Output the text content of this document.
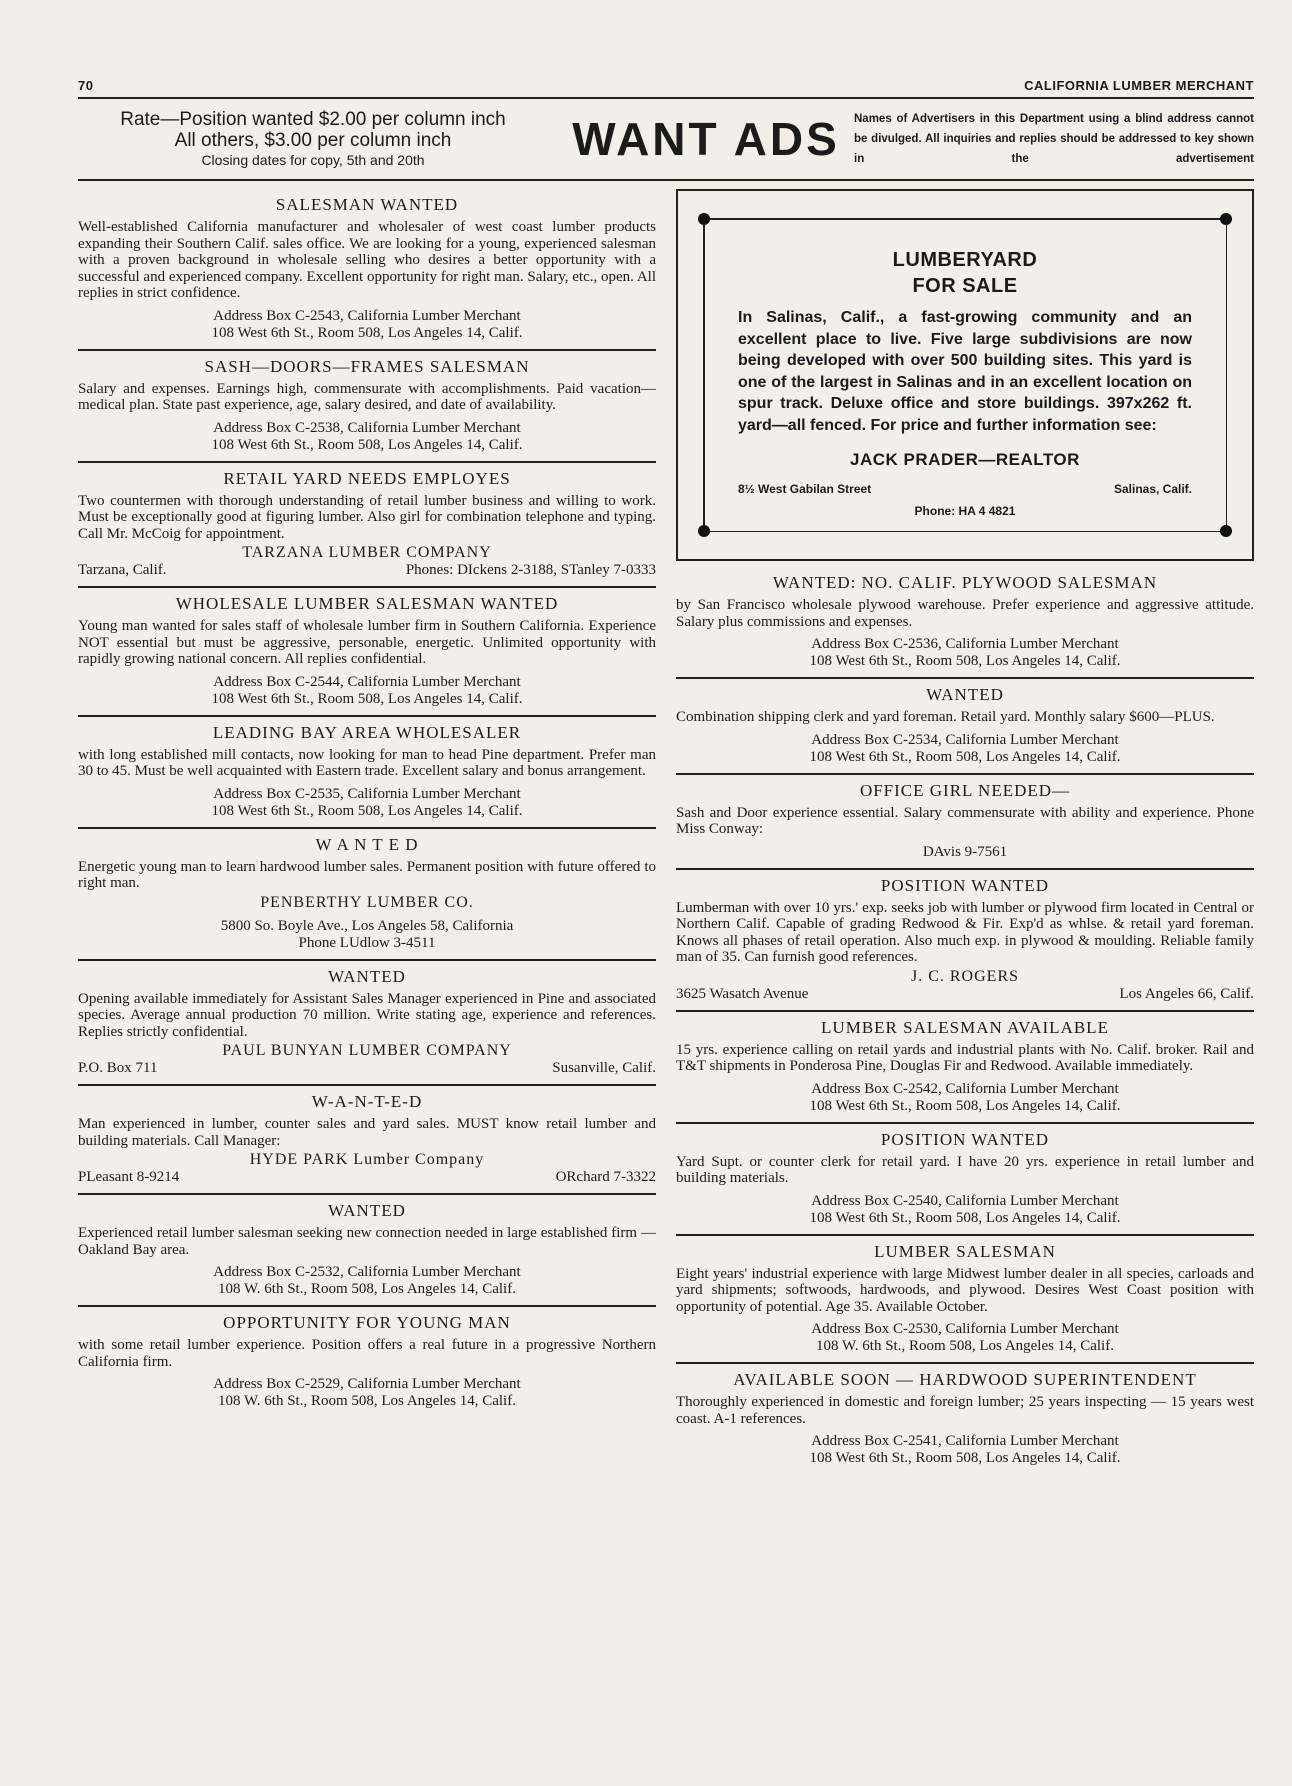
70	CALIFORNIA LUMBER MERCHANT
Rate—Position wanted $2.00 per column inch
All others, $3.00 per column inch
Closing dates for copy, 5th and 20th	WANT ADS Names of Advertisers in this Department using a blind address cannot be divulged. All inquiries and replies should be addressed to key shown in the advertisement
SALESMAN WANTED
Well-established California manufacturer and wholesaler of west coast lumber products expanding their Southern Calif. sales office. We are looking for a young, experienced salesman with a proven background in wholesale selling who desires a better opportunity with a successful and experienced company. Excellent opportunity for right man. Salary, etc., open. All replies in strict confidence.
Address Box C-2543, California Lumber Merchant
108 West 6th St., Room 508, Los Angeles 14, Calif.
SASH—DOORS—FRAMES SALESMAN
Salary and expenses. Earnings high, commensurate with accomplishments. Paid vacation—medical plan. State past experience, age, salary desired, and date of availability.
Address Box C-2538, California Lumber Merchant
108 West 6th St., Room 508, Los Angeles 14, Calif.
RETAIL YARD NEEDS EMPLOYES
Two countermen with thorough understanding of retail lumber business and willing to work. Must be exceptionally good at figuring lumber. Also girl for combination telephone and typing. Call Mr. McCoig for appointment.
TARZANA LUMBER COMPANY
Tarzana, Calif.	Phones: DIckens 2-3188, STanley 7-0333
WHOLESALE LUMBER SALESMAN WANTED
Young man wanted for sales staff of wholesale lumber firm in Southern California. Experience NOT essential but must be aggressive, personable, energetic. Unlimited opportunity with rapidly growing national concern. All replies confidential.
Address Box C-2544, California Lumber Merchant
108 West 6th St., Room 508, Los Angeles 14, Calif.
LEADING BAY AREA WHOLESALER
with long established mill contacts, now looking for man to head Pine department. Prefer man 30 to 45. Must be well acquainted with Eastern trade. Excellent salary and bonus arrangement.
Address Box C-2535, California Lumber Merchant
108 West 6th St., Room 508, Los Angeles 14, Calif.
W A N T E D
Energetic young man to learn hardwood lumber sales. Permanent position with future offered to right man.
PENBERTHY LUMBER CO.
5800 So. Boyle Ave., Los Angeles 58, California
Phone LUdlow 3-4511
WANTED
Opening available immediately for Assistant Sales Manager experienced in Pine and associated species. Average annual production 70 million. Write stating age, experience and references. Replies strictly confidential.
PAUL BUNYAN LUMBER COMPANY
P.O. Box 711	Susanville, Calif.
W-A-N-T-E-D
Man experienced in lumber, counter sales and yard sales. MUST know retail lumber and building materials. Call Manager:
HYDE PARK Lumber Company
PLeasant 8-9214	ORchard 7-3322
WANTED
Experienced retail lumber salesman seeking new connection needed in large established firm — Oakland Bay area.
Address Box C-2532, California Lumber Merchant
108 W. 6th St., Room 508, Los Angeles 14, Calif.
OPPORTUNITY FOR YOUNG MAN
with some retail lumber experience. Position offers a real future in a progressive Northern California firm.
Address Box C-2529, California Lumber Merchant
108 W. 6th St., Room 508, Los Angeles 14, Calif.
LUMBERYARD
FOR SALE
In Salinas, Calif., a fast-growing community and an excellent place to live. Five large subdivisions are now being developed with over 500 building sites. This yard is one of the largest in Salinas and in an excellent location on spur track. Deluxe office and store buildings. 397x262 ft. yard—all fenced. For price and further information see:
JACK PRADER—REALTOR
8½ West Gabilan Street	Salinas, Calif.
Phone: HA 4 4821
WANTED: NO. CALIF. PLYWOOD SALESMAN
by San Francisco wholesale plywood warehouse. Prefer experience and aggressive attitude. Salary plus commissions and expenses.
Address Box C-2536, California Lumber Merchant
108 West 6th St., Room 508, Los Angeles 14, Calif.
WANTED
Combination shipping clerk and yard foreman. Retail yard. Monthly salary $600—PLUS.
Address Box C-2534, California Lumber Merchant
108 West 6th St., Room 508, Los Angeles 14, Calif.
OFFICE GIRL NEEDED—
Sash and Door experience essential. Salary commensurate with ability and experience. Phone Miss Conway:
DAvis 9-7561
POSITION WANTED
Lumberman with over 10 yrs.' exp. seeks job with lumber or plywood firm located in Central or Northern Calif. Capable of grading Redwood & Fir. Exp'd as whlse. & retail yard foreman. Knows all phases of retail operation. Also much exp. in plywood & moulding. Reliable family man of 35. Can furnish good references.
J. C. ROGERS
3625 Wasatch Avenue	Los Angeles 66, Calif.
LUMBER SALESMAN AVAILABLE
15 yrs. experience calling on retail yards and industrial plants with No. Calif. broker. Rail and T&T shipments in Ponderosa Pine, Douglas Fir and Redwood. Available immediately.
Address Box C-2542, California Lumber Merchant
108 West 6th St., Room 508, Los Angeles 14, Calif.
POSITION WANTED
Yard Supt. or counter clerk for retail yard. I have 20 yrs. experience in retail lumber and building materials.
Address Box C-2540, California Lumber Merchant
108 West 6th St., Room 508, Los Angeles 14, Calif.
LUMBER SALESMAN
Eight years' industrial experience with large Midwest lumber dealer in all species, carloads and yard shipments; softwoods, hardwoods, and plywood. Desires West Coast position with opportunity of potential. Age 35. Available October.
Address Box C-2530, California Lumber Merchant
108 W. 6th St., Room 508, Los Angeles 14, Calif.
AVAILABLE SOON — HARDWOOD SUPERINTENDENT
Thoroughly experienced in domestic and foreign lumber; 25 years inspecting — 15 years west coast. A-1 references.
Address Box C-2541, California Lumber Merchant
108 West 6th St., Room 508, Los Angeles 14, Calif.
